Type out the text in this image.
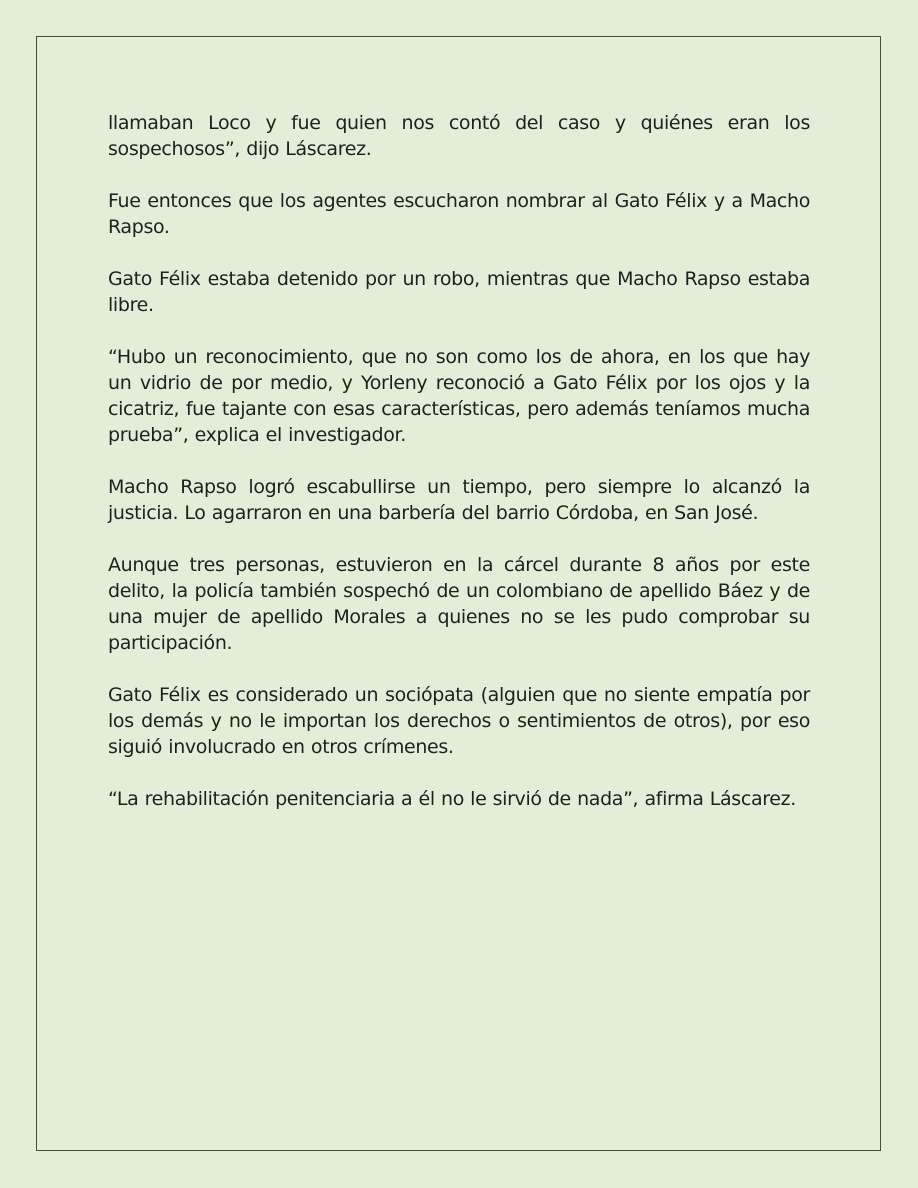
llamaban Loco y fue quien nos contó del caso y quiénes eran los sospechosos”, dijo Láscarez.

Fue entonces que los agentes escucharon nombrar al Gato Félix y a Macho Rapso.

Gato Félix estaba detenido por un robo, mientras que Macho Rapso estaba libre.

“Hubo un reconocimiento, que no son como los de ahora, en los que hay un vidrio de por medio, y Yorleny reconoció a Gato Félix por los ojos y la cicatriz, fue tajante con esas características, pero además teníamos mucha prueba”, explica el investigador.

Macho Rapso logró escabullirse un tiempo, pero siempre lo alcanzó la justicia. Lo agarraron en una barbería del barrio Córdoba, en San José.

Aunque tres personas, estuvieron en la cárcel durante 8 años por este delito, la policía también sospechó de un colombiano de apellido Báez y de una mujer de apellido Morales a quienes no se les pudo comprobar su participación.

Gato Félix es considerado un sociópata (alguien que no siente empatía por los demás y no le importan los derechos o sentimientos de otros), por eso siguió involucrado en otros crímenes.

“La rehabilitación penitenciaria a él no le sirvió de nada”, afirma Láscarez.
